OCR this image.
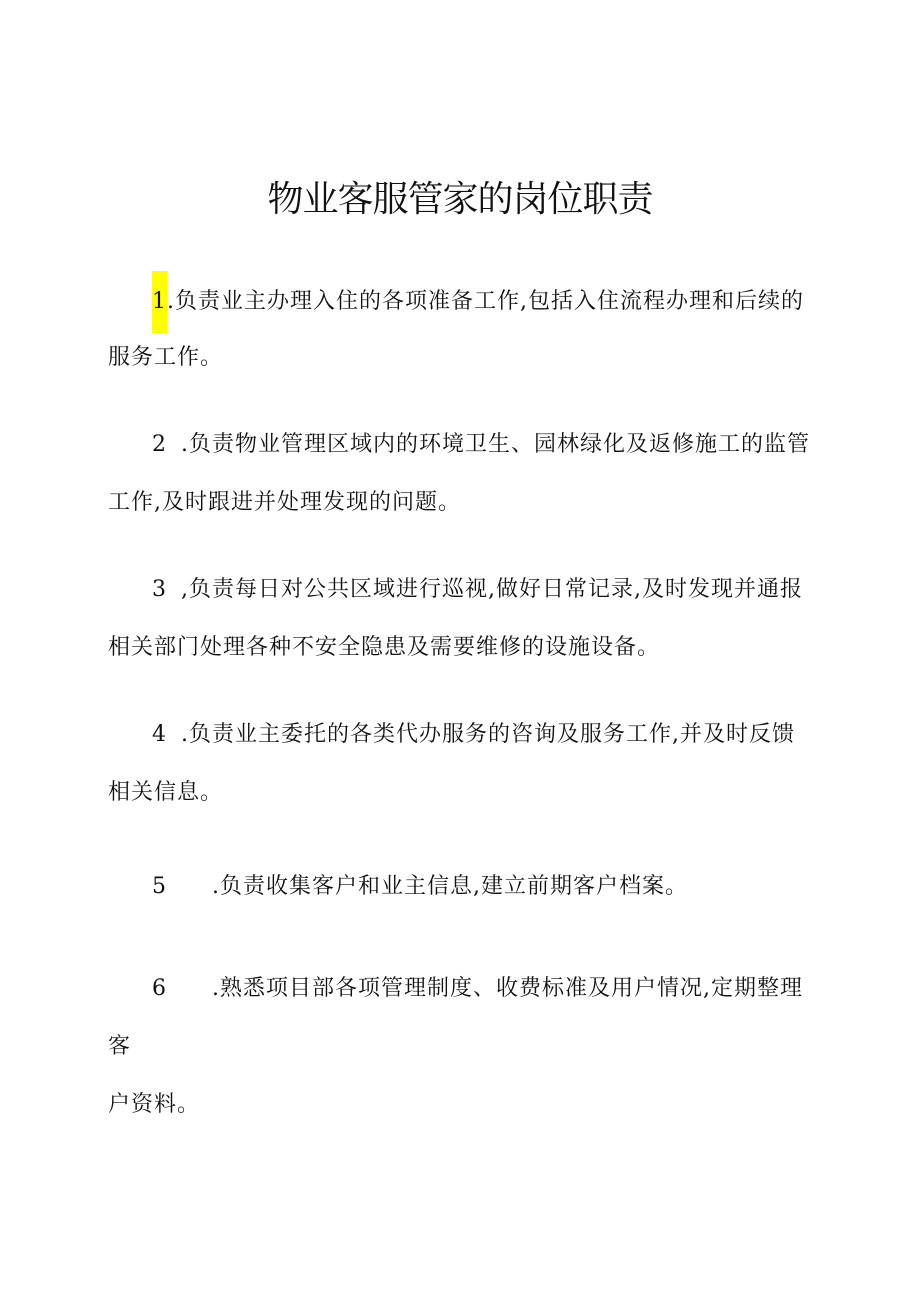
物业客服管家的岗位职责
1.负责业主办理入住的各项准备工作,包括入住流程办理和后续的
服务工作。
2 .负责物业管理区域内的环境卫生、园林绿化及返修施工的监管
工作,及时跟进并处理发现的问题。
3 ,负责每日对公共区域进行巡视,做好日常记录,及时发现并通报
相关部门处理各种不安全隐患及需要维修的设施设备。
4 .负责业主委托的各类代办服务的咨询及服务工作,并及时反馈
相关信息。
5 .负责收集客户和业主信息,建立前期客户档案。
6 .熟悉项目部各项管理制度、收费标准及用户情况,定期整理
客
户资料。
